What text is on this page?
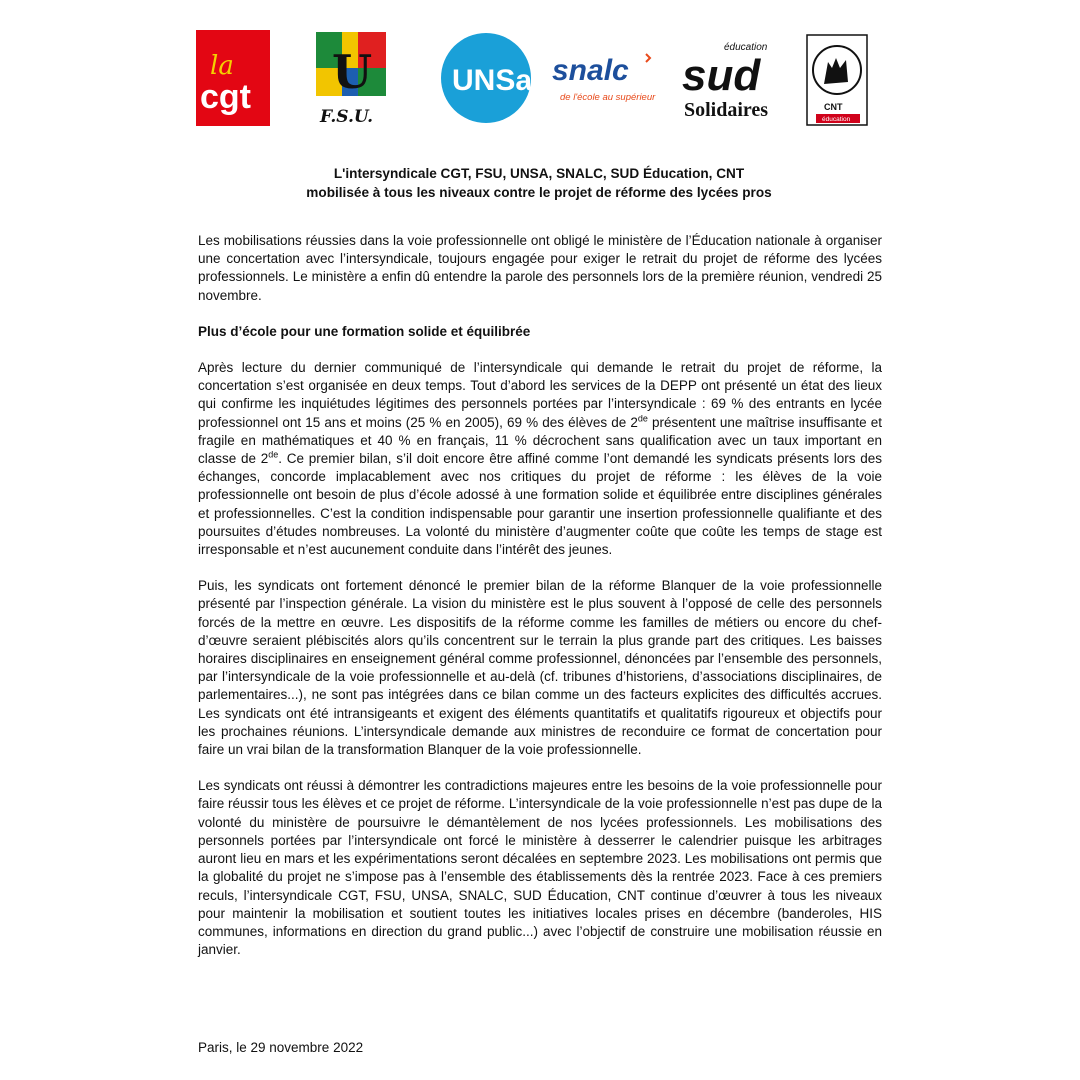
la
cgt U
F.S.U.
UNSa snalc
de l'école au supérieur
éducation
sud
Solidaires	CNT
éducation
L'intersyndicale CGT, FSU, UNSA, SNALC, SUD Éducation, CNT
mobilisée à tous les niveaux contre le projet de réforme des lycées pros

Les mobilisations réussies dans la voie professionnelle ont obligé le ministère de l’Éducation nationale à organiser une concertation avec l’intersyndicale, toujours engagée pour exiger le retrait du projet de réforme des lycées professionnels. Le ministère a enfin dû entendre la parole des personnels lors de la première réunion, vendredi 25 novembre.

Plus d’école pour une formation solide et équilibrée

Après lecture du dernier communiqué de l’intersyndicale qui demande le retrait du projet de réforme, la concertation s’est organisée en deux temps. Tout d’abord les services de la DEPP ont présenté un état des lieux qui confirme les inquiétudes légitimes des personnels portées par l’intersyndicale : 69 % des entrants en lycée professionnel ont 15 ans et moins (25 % en 2005), 69 % des élèves de 2de présentent une maîtrise insuffisante et fragile en mathématiques et 40 % en français, 11 % décrochent sans qualification avec un taux important en classe de 2de. Ce premier bilan, s’il doit encore être affiné comme l’ont demandé les syndicats présents lors des échanges, concorde implacablement avec nos critiques du projet de réforme : les élèves de la voie professionnelle ont besoin de plus d’école adossé à une formation solide et équilibrée entre disciplines générales et professionnelles. C’est la condition indispensable pour garantir une insertion professionnelle qualifiante et des poursuites d’études nombreuses. La volonté du ministère d’augmenter coûte que coûte les temps de stage est irresponsable et n’est aucunement conduite dans l’intérêt des jeunes.

Puis, les syndicats ont fortement dénoncé le premier bilan de la réforme Blanquer de la voie professionnelle présenté par l’inspection générale. La vision du ministère est le plus souvent à l’opposé de celle des personnels forcés de la mettre en œuvre. Les dispositifs de la réforme comme les familles de métiers ou encore du chef-d’œuvre seraient plébiscités alors qu’ils concentrent sur le terrain la plus grande part des critiques. Les baisses horaires disciplinaires en enseignement général comme professionnel, dénoncées par l’ensemble des personnels, par l’intersyndicale de la voie professionnelle et au-delà (cf. tribunes d’historiens, d’associations disciplinaires, de parlementaires...), ne sont pas intégrées dans ce bilan comme un des facteurs explicites des difficultés accrues. Les syndicats ont été intransigeants et exigent des éléments quantitatifs et qualitatifs rigoureux et objectifs pour les prochaines réunions. L’intersyndicale demande aux ministres de reconduire ce format de concertation pour faire un vrai bilan de la transformation Blanquer de la voie professionnelle.

Les syndicats ont réussi à démontrer les contradictions majeures entre les besoins de la voie professionnelle pour faire réussir tous les élèves et ce projet de réforme. L’intersyndicale de la voie professionnelle n’est pas dupe de la volonté du ministère de poursuivre le démantèlement de nos lycées professionnels. Les mobilisations des personnels portées par l’intersyndicale ont forcé le ministère à desserrer le calendrier puisque les arbitrages auront lieu en mars et les expérimentations seront décalées en septembre 2023. Les mobilisations ont permis que la globalité du projet ne s’impose pas à l’ensemble des établissements dès la rentrée 2023. Face à ces premiers reculs, l’intersyndicale CGT, FSU, UNSA, SNALC, SUD Éducation, CNT continue d’œuvrer à tous les niveaux pour maintenir la mobilisation et soutient toutes les initiatives locales prises en décembre (banderoles, HIS communes, informations en direction du grand public...) avec l’objectif de construire une mobilisation réussie en janvier.

Paris, le 29 novembre 2022
